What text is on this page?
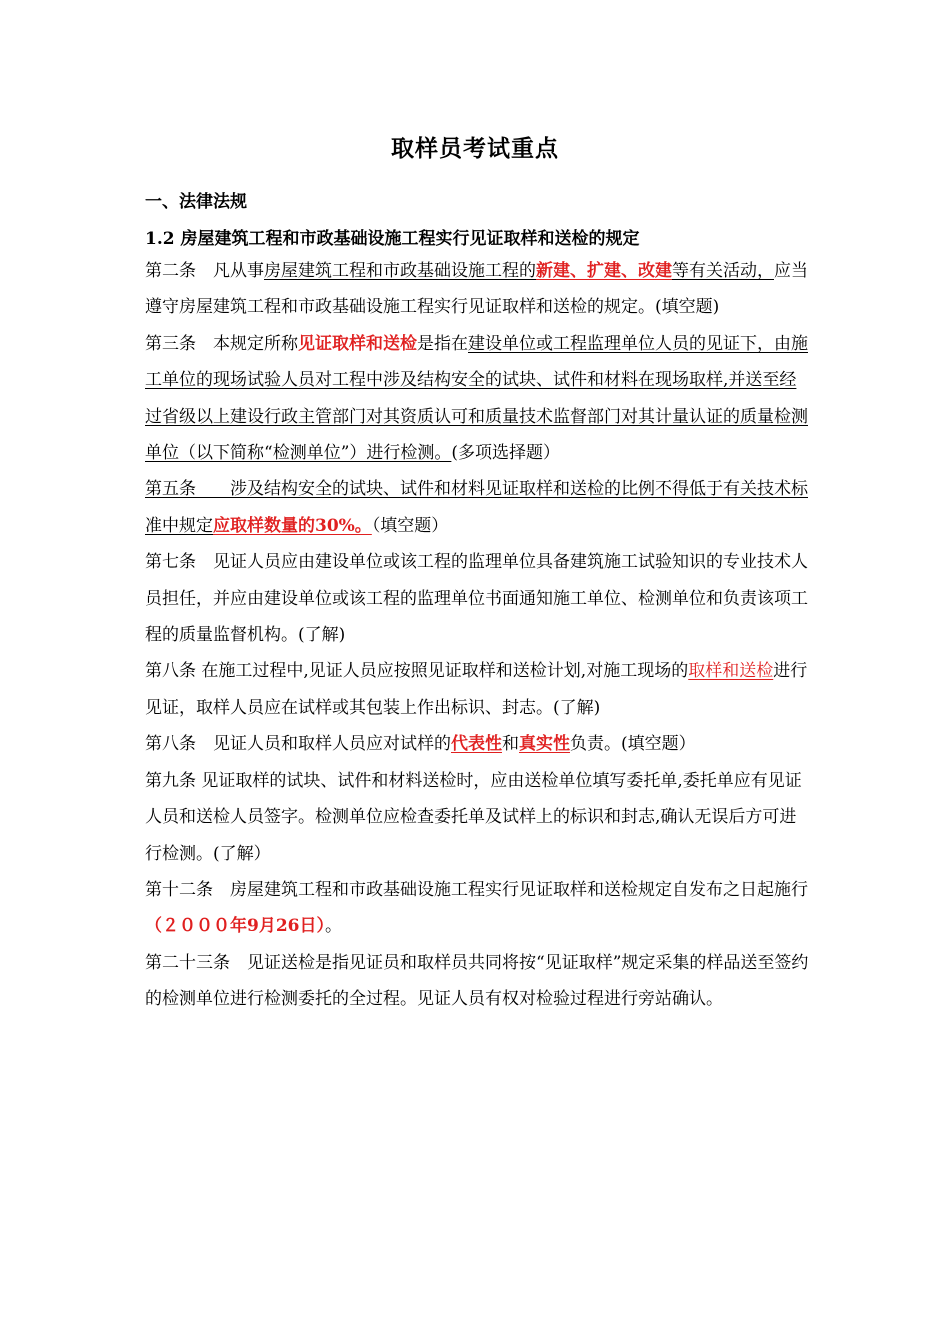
取样员考试重点
一、法律法规
1.2 房屋建筑工程和市政基础设施工程实行见证取样和送检的规定

第二条  凡从事房屋建筑工程和市政基础设施工程的新建、扩建、改建等有关活动，应当遵守房屋建筑工程和市政基础设施工程实行见证取样和送检的规定。(填空题)

第三条  本规定所称见证取样和送检是指在建设单位或工程监理单位人员的见证下，由施工单位的现场试验人员对工程中涉及结构安全的试块、试件和材料在现场取样,并送至经过省级以上建设行政主管部门对其资质认可和质量技术监督部门对其计量认证的质量检测单位（以下简称“检测单位”）进行检测。(多项选择题）

第五条   涉及结构安全的试块、试件和材料见证取样和送检的比例不得低于有关技术标准中规定应取样数量的30%。（填空题）

第七条  见证人员应由建设单位或该工程的监理单位具备建筑施工试验知识的专业技术人员担任，并应由建设单位或该工程的监理单位书面通知施工单位、检测单位和负责该项工程的质量监督机构。(了解)

第八条 在施工过程中,见证人员应按照见证取样和送检计划,对施工现场的取样和送检进行见证，取样人员应在试样或其包装上作出标识、封志。(了解)

第八条  见证人员和取样人员应对试样的代表性和真实性负责。(填空题）

第九条 见证取样的试块、试件和材料送检时，应由送检单位填写委托单,委托单应有见证人员和送检人员签字。检测单位应检查委托单及试样上的标识和封志,确认无误后方可进行检测。(了解）

第十二条  房屋建筑工程和市政基础设施工程实行见证取样和送检规定自发布之日起施行（２０００年9月26日）。

第二十三条  见证送检是指见证员和取样员共同将按“见证取样”规定采集的样品送至签约的检测单位进行检测委托的全过程。见证人员有权对检验过程进行旁站确认。
